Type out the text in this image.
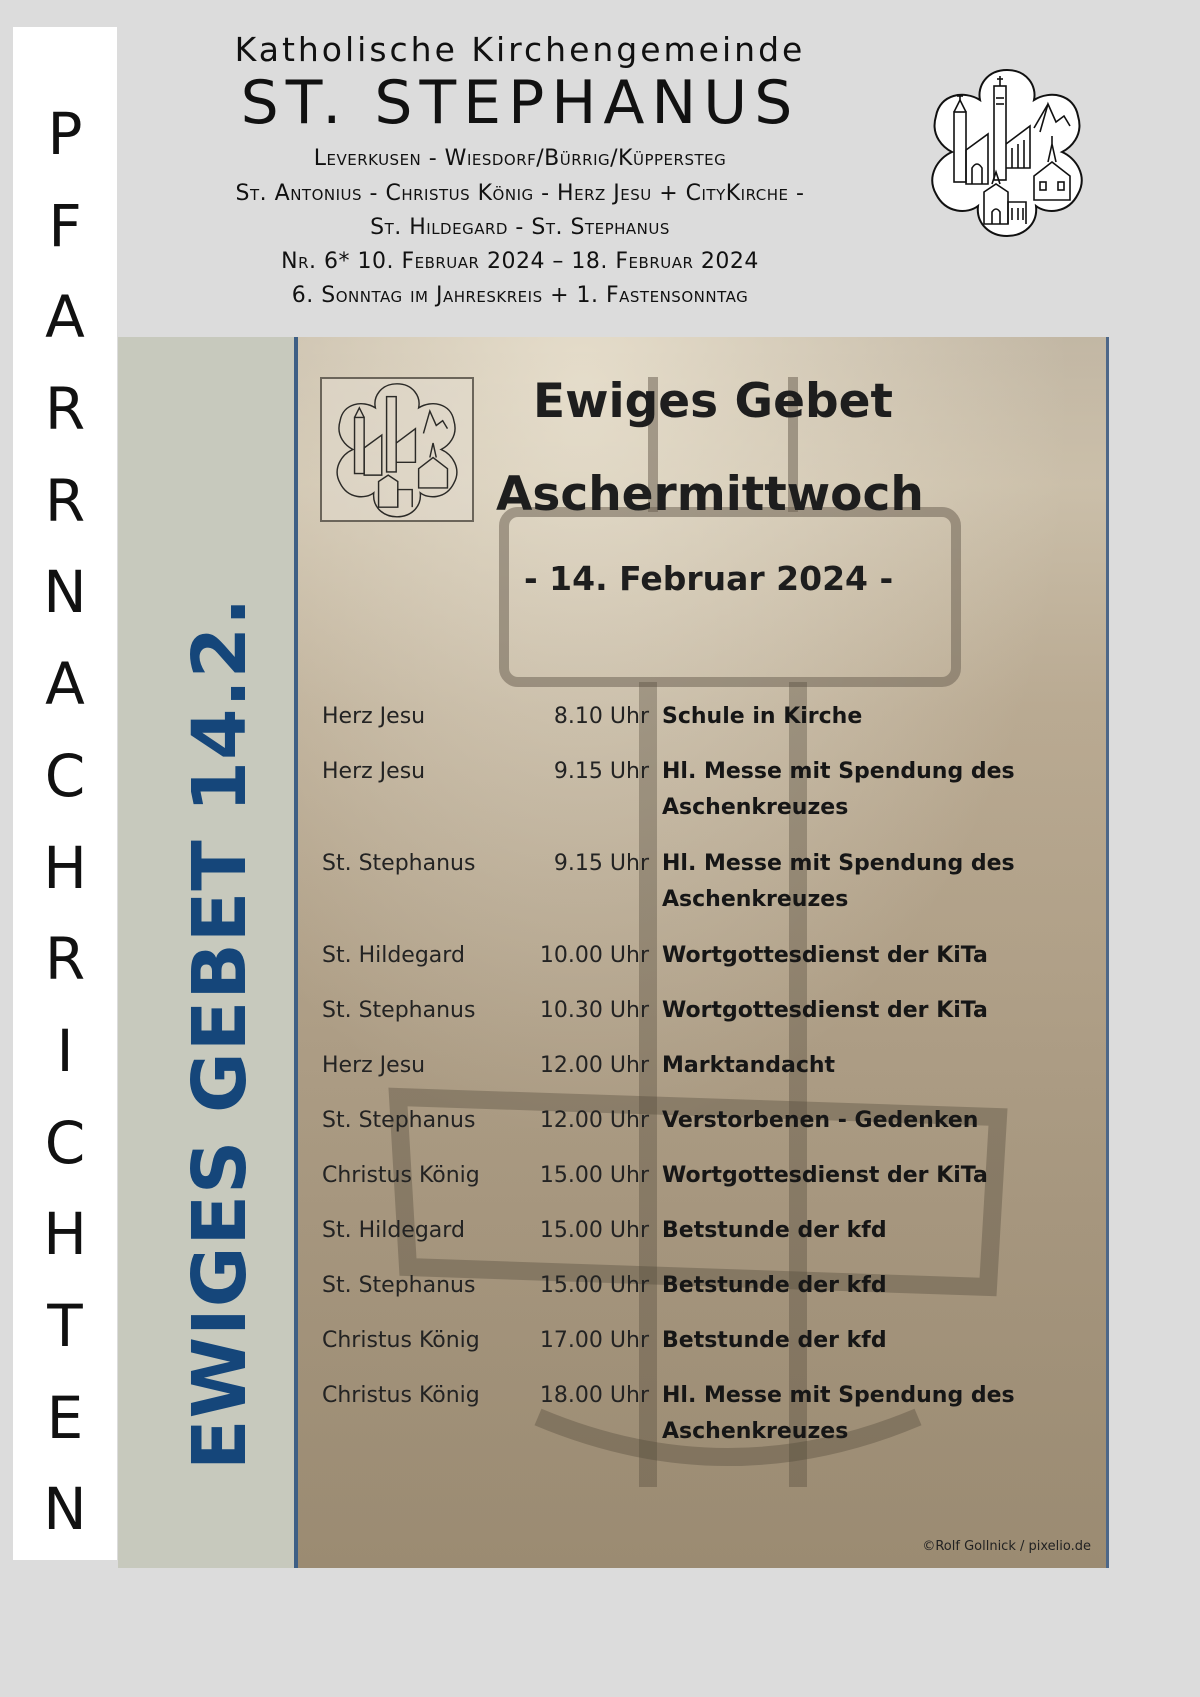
P
F
A
R
R
N
A
C
H
R
I
C
H
T
E
N
Katholische Kirchengemeinde
ST. STEPHANUS
Leverkusen - Wiesdorf/Bürrig/Küppersteg
St. Antonius - Christus König - Herz Jesu + CityKirche -
St. Hildegard - St. Stephanus
Nr. 6* 10. Februar 2024 – 18. Februar 2024
6. Sonntag im Jahreskreis + 1. Fastensonntag
EWIGES GEBET 14.2.
Ewiges Gebet
Aschermittwoch
- 14. Februar 2024 -
Herz Jesu	8.10 Uhr Schule in Kirche
Herz Jesu	9.15 Uhr Hl. Messe mit Spendung des Aschenkreuzes
St. Stephanus	9.15 Uhr Hl. Messe mit Spendung des Aschenkreuzes
St. Hildegard	10.00 Uhr Wortgottesdienst der KiTa
St. Stephanus	10.30 Uhr Wortgottesdienst der KiTa
Herz Jesu	12.00 Uhr Marktandacht
St. Stephanus	12.00 Uhr Verstorbenen - Gedenken
Christus König	15.00 Uhr Wortgottesdienst der KiTa
St. Hildegard	15.00 Uhr Betstunde der kfd
St. Stephanus	15.00 Uhr Betstunde der kfd
Christus König	17.00 Uhr Betstunde der kfd
Christus König	18.00 Uhr Hl. Messe mit Spendung des Aschenkreuzes
©Rolf Gollnick / pixelio.de
